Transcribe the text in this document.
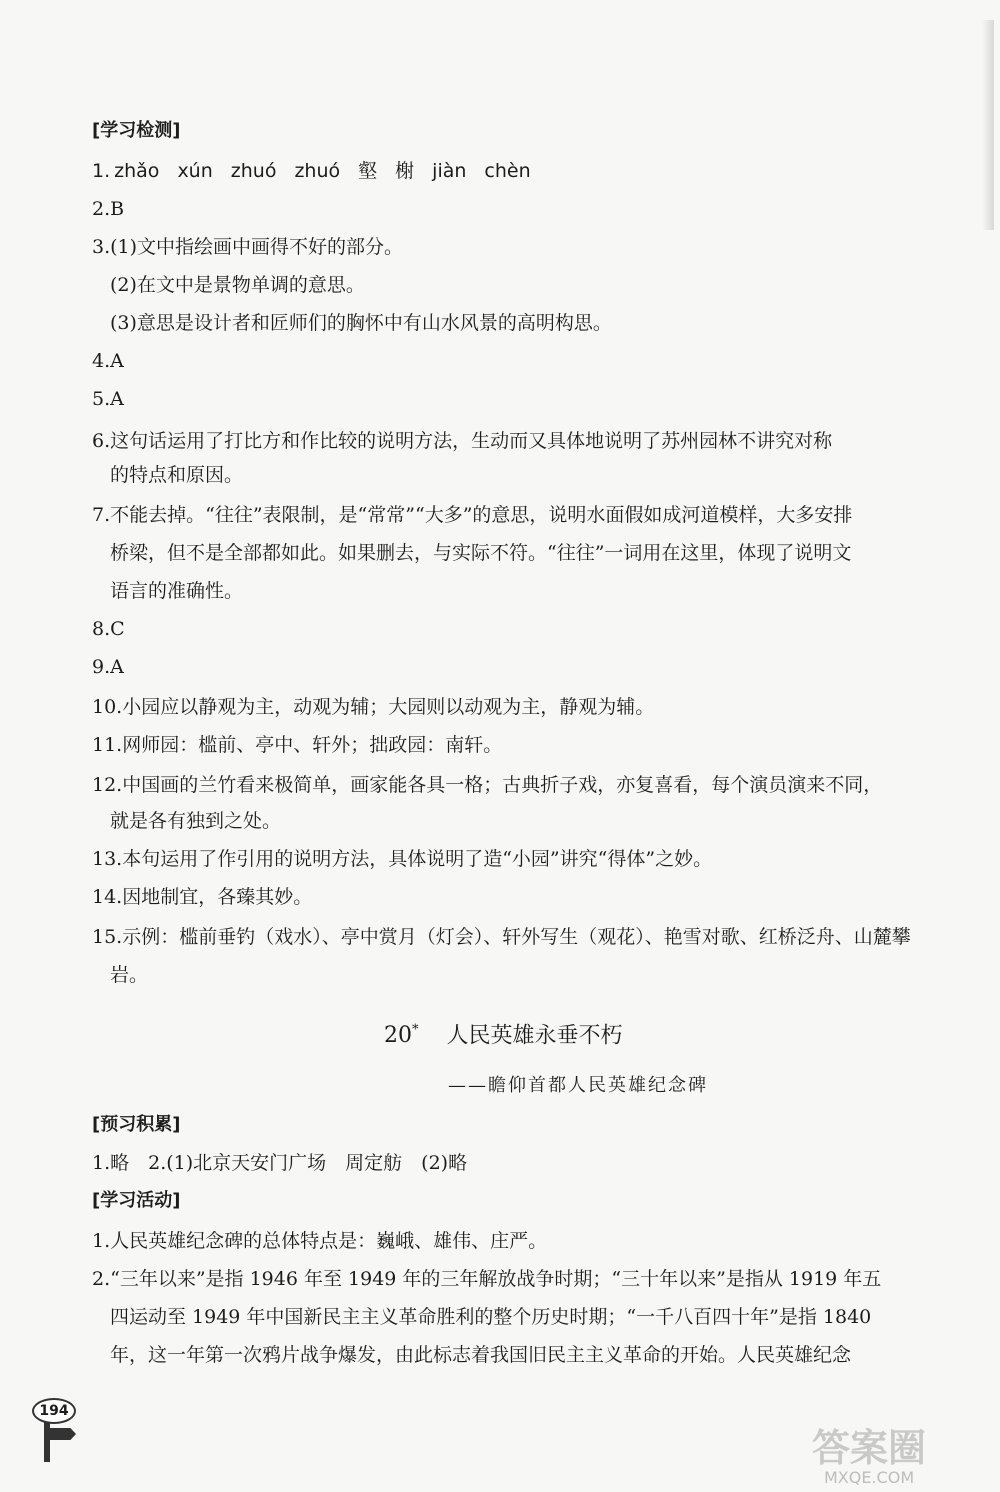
[学习检测]
1. zhǎo xún zhuó zhuó 壑 榭 jiàn chèn
2.B
3.(1)文中指绘画中画得不好的部分。
(2)在文中是景物单调的意思。
(3)意思是设计者和匠师们的胸怀中有山水风景的高明构思。
4.A
5.A
6.这句话运用了打比方和作比较的说明方法，生动而又具体地说明了苏州园林不讲究对称
的特点和原因。
7.不能去掉。“往往”表限制，是“常常”“大多”的意思，说明水面假如成河道模样，大多安排
桥梁，但不是全部都如此。如果删去，与实际不符。“往往”一词用在这里，体现了说明文
语言的准确性。
8.C
9.A
10.小园应以静观为主，动观为辅；大园则以动观为主，静观为辅。
11.网师园：槛前、亭中、轩外；拙政园：南轩。
12.中国画的兰竹看来极简单，画家能各具一格；古典折子戏，亦复喜看，每个演员演来不同，
就是各有独到之处。
13.本句运用了作引用的说明方法，具体说明了造“小园”讲究“得体”之妙。
14.因地制宜，各臻其妙。
15.示例：槛前垂钓（戏水）、亭中赏月（灯会）、轩外写生（观花）、艳雪对歌、红桥泛舟、山麓攀
岩。
20* 人民英雄永垂不朽
——瞻仰首都人民英雄纪念碑
[预习积累]
1.略　2.(1)北京天安门广场　周定舫　(2)略
[学习活动]
1.人民英雄纪念碑的总体特点是：巍峨、雄伟、庄严。
2.“三年以来”是指 1946 年至 1949 年的三年解放战争时期；“三十年以来”是指从 1919 年五
四运动至 1949 年中国新民主主义革命胜利的整个历史时期；“一千八百四十年”是指 1840
年，这一年第一次鸦片战争爆发，由此标志着我国旧民主主义革命的开始。人民英雄纪念
194
答案圈
MXQE.COM
